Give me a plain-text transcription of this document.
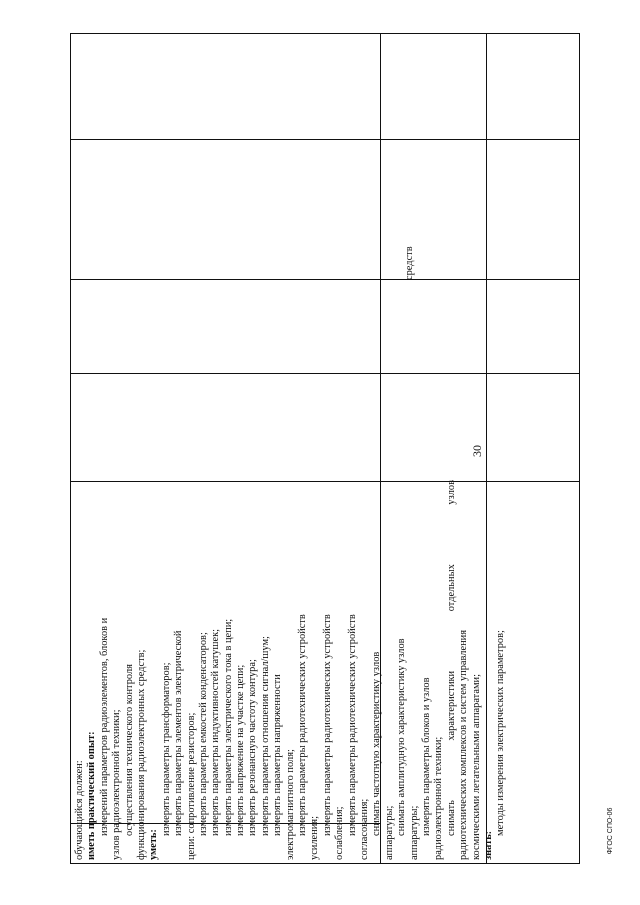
30
ФГОС СПО-06
средств
обучающийся должен: иметь практический опыт: измерений параметров радиоэлементов, блоков и узлов радиоэлектронной техники; осуществления технического контроля функционирования радиоэлектронных средств; уметь:
измерять параметры трансформаторов; измерять параметры элементов электрической цепи: сопротивление резисторов; измерять параметры емкостей конденсаторов; измерять параметры индуктивностей катушек; измерять параметры электрического тока в цепи; измерять напряжение на участке цепи; измерять резонансную частоту контура; измерять параметры отношения сигнал/шум; измерять параметры напряженности электромагнитного поля; измерять параметры радиотехнических устройств
усиления;
измерять параметры радиотехнических устройств ослабления; измерять параметры радиотехнических устройств согласования; снимать частотную характеристику узлов аппаратуры; снимать амплитудную характеристику узлов аппаратуры; измерять параметры блоков и узлов радиоэлектронной техники; снимать
характеристики
отдельных
узлов
радиотехнических комплексов и систем управления космическими летательными аппаратами; знать:
методы измерения электрических параметров;
